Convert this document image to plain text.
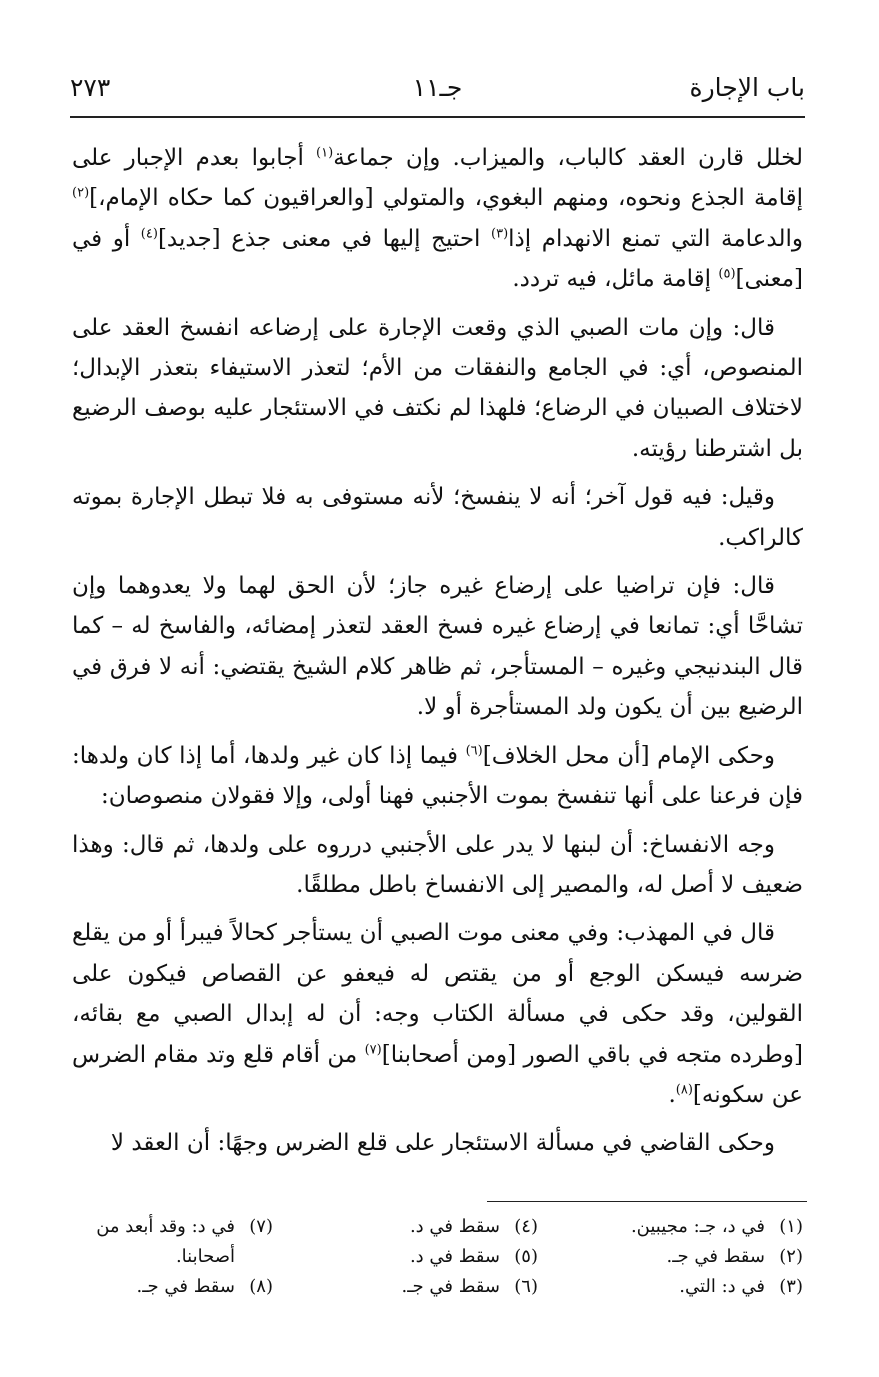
باب الإجارة
جـ١١
٢٧٣

لخلل قارن العقد كالباب، والميزاب. وإن جماعة$^{(١)}$ أجابوا بعدم الإجبار على إقامة الجذع ونحوه، ومنهم البغوي، والمتولي [والعراقيون كما حكاه الإمام،]$^{(٢)}$ والدعامة التي تمنع الانهدام إذا$^{(٣)}$ احتيج إليها في معنى جذع [جديد]$^{(٤)}$ أو في [معنى]$^{(٥)}$ إقامة مائل، فيه تردد.

قال: وإن مات الصبي الذي وقعت الإجارة على إرضاعه انفسخ العقد على المنصوص، أي: في الجامع والنفقات من الأم؛ لتعذر الاستيفاء بتعذر الإبدال؛ لاختلاف الصبيان في الرضاع؛ فلهذا لم نكتف في الاستئجار عليه بوصف الرضيع بل اشترطنا رؤيته.

وقيل: فيه قول آخر؛ أنه لا ينفسخ؛ لأنه مستوفى به فلا تبطل الإجارة بموته كالراكب.

قال: فإن تراضيا على إرضاع غيره جاز؛ لأن الحق لهما ولا يعدوهما وإن تشاحَّا أي: تمانعا في إرضاع غيره فسخ العقد لتعذر إمضائه، والفاسخ له – كما قال البندنيجي وغيره – المستأجر، ثم ظاهر كلام الشيخ يقتضي: أنه لا فرق في الرضيع بين أن يكون ولد المستأجرة أو لا.

وحكى الإمام [أن محل الخلاف]$^{(٦)}$ فيما إذا كان غير ولدها، أما إذا كان ولدها: فإن فرعنا على أنها تنفسخ بموت الأجنبي فهنا أولى، وإلا فقولان منصوصان:

وجه الانفساخ: أن لبنها لا يدر على الأجنبي درروه على ولدها، ثم قال: وهذا ضعيف لا أصل له، والمصير إلى الانفساخ باطل مطلقًا.

قال في المهذب: وفي معنى موت الصبي أن يستأجر كحالاً فيبرأ أو من يقلع ضرسه فيسكن الوجع أو من يقتص له فيعفو عن القصاص فيكون على القولين، وقد حكى في مسألة الكتاب وجه: أن له إبدال الصبي مع بقائه، [وطرده متجه في باقي الصور [ومن أصحابنا]$^{(٧)}$ من أقام قلع وتد مقام الضرس عن سكونه]$^{(٨)}$.

وحكى القاضي في مسألة الاستئجار على قلع الضرس وجهًا: أن العقد لا

(١)
في د، جـ: مجيبين.
(٢)
سقط في جـ.
(٣)
في د: التي.
(٤)
سقط في د.
(٥)
سقط في د.
(٦)
سقط في جـ.
(٧)
في د: وقد أبعد من
أصحابنا.
(٨)
سقط في جـ.
